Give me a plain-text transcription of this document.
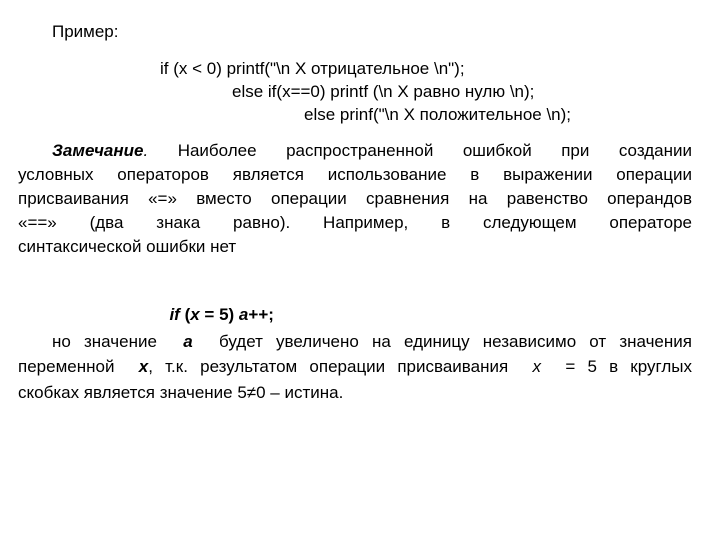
Пример:
if (x < 0) printf("\n X отрицательное \n");
else if(x==0) printf (\n X равно нулю \n);
else prinf("\n X положительное \n);
Замечание. Наиболее распространенной ошибкой при создании
условных операторов является использование в выражении операции
присваивания «=» вместо операции сравнения на равенство операндов
«==» (два знака равно). Например, в следующем операторе
синтаксической ошибки нет

if (x = 5) a++;

но значение  a  будет увеличено на единицу независимо от значения
переменной  x, т.к. результатом операции присваивания  x  = 5 в круглых
скобках является значение 5≠0 – истина.
